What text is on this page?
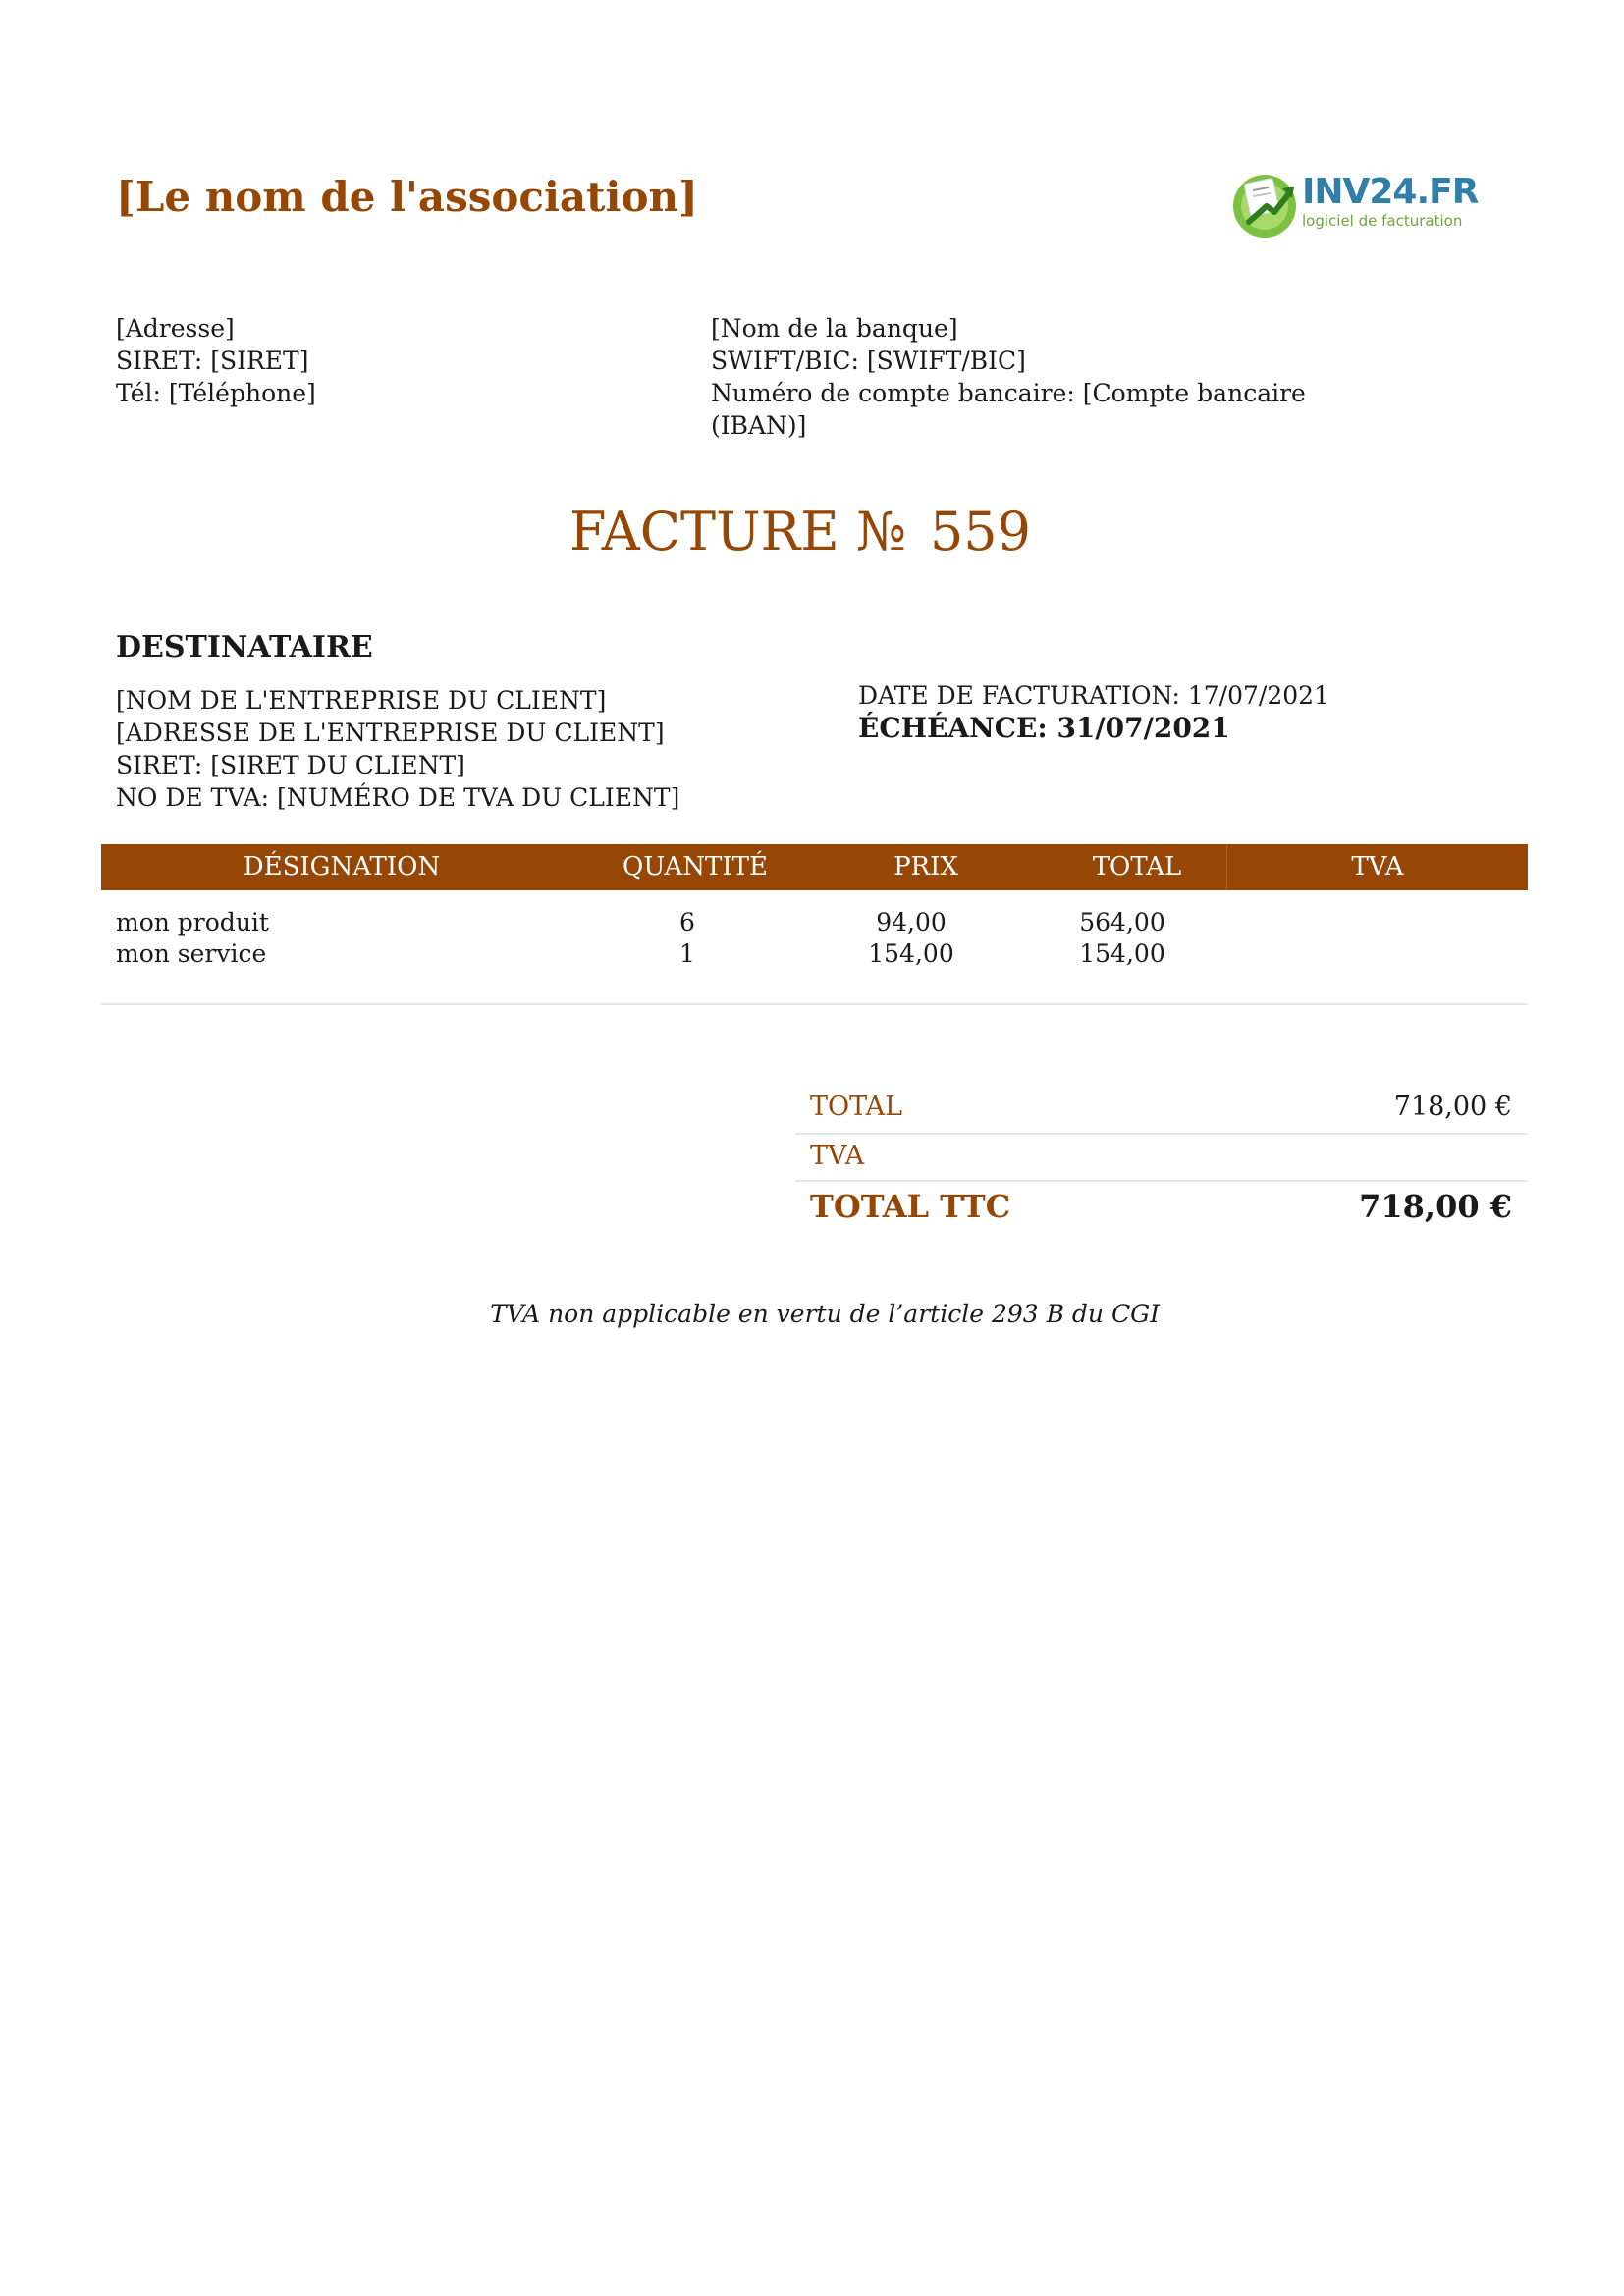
[Le nom de l'association]	INV24.FR
logiciel de facturation
[Adresse]
SIRET: [SIRET]
Tél: [Téléphone]
[Nom de la banque]
SWIFT/BIC: [SWIFT/BIC]
Numéro de compte bancaire: [Compte bancaire
(IBAN)]
FACTURE № 559
DESTINATAIRE
[NOM DE L'ENTREPRISE DU CLIENT]
[ADRESSE DE L'ENTREPRISE DU CLIENT]
SIRET: [SIRET DU CLIENT]
NO DE TVA: [NUMÉRO DE TVA DU CLIENT]
DATE DE FACTURATION: 17/07/2021
ÉCHÉANCE: 31/07/2021
DÉSIGNATION	QUANTITÉ	PRIX	TOTAL	TVA
mon produit	6	94,00	564,00
mon service	1	154,00	154,00
TOTAL	718,00 €
TVA
TOTAL TTC	718,00 €
TVA non applicable en vertu de l’article 293 B du CGI
